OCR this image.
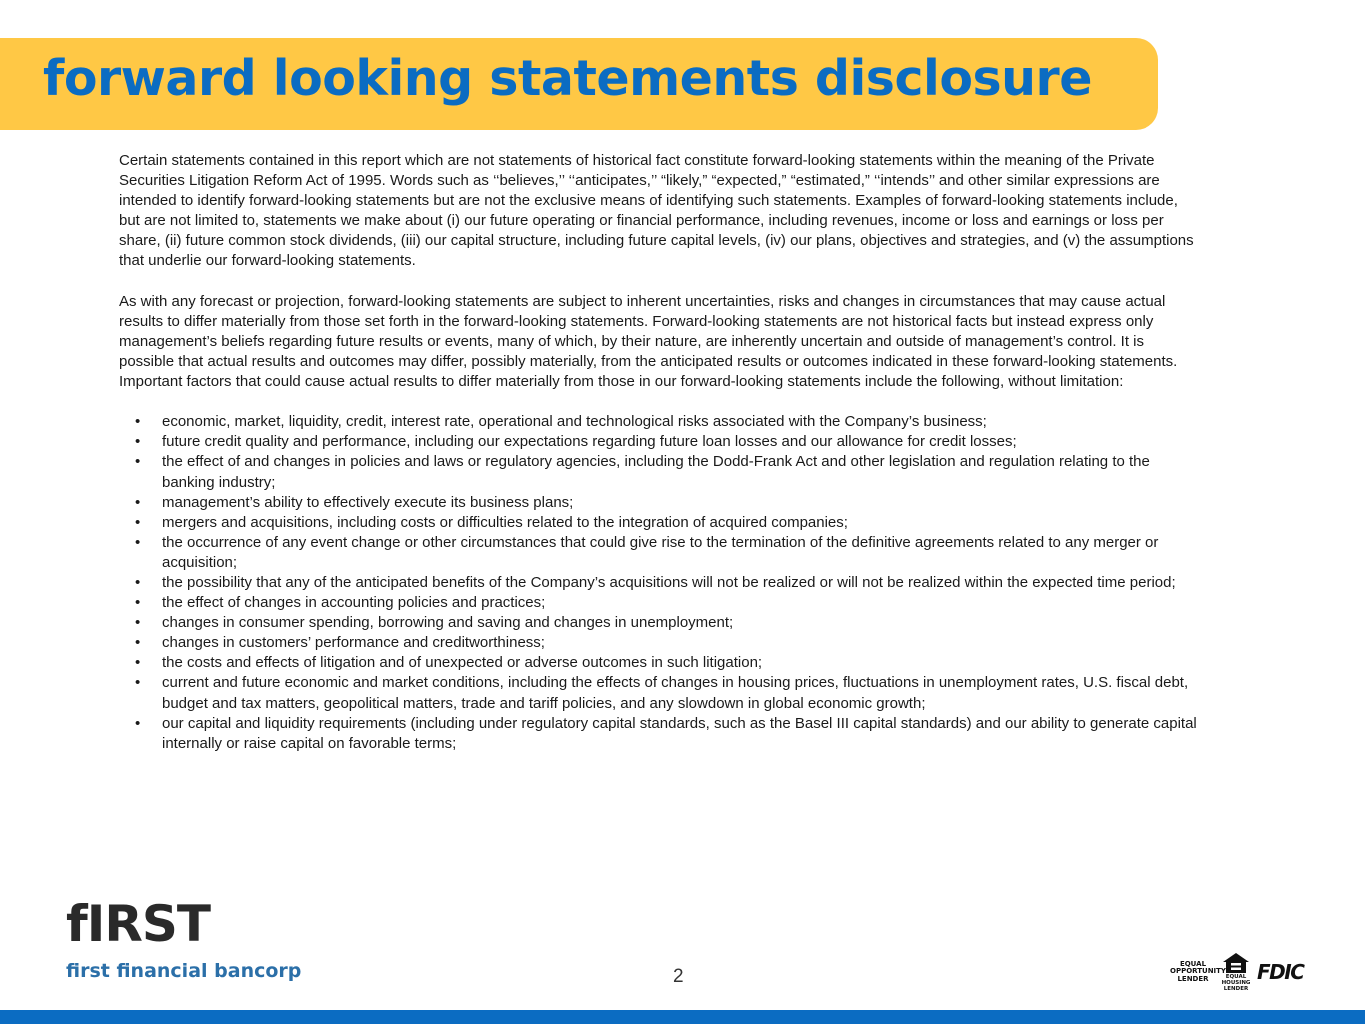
forward looking statements disclosure

Certain statements contained in this report which are not statements of historical fact constitute forward-looking statements within the meaning of the Private Securities Litigation Reform Act of 1995. Words such as ‘‘believes,’’ ‘‘anticipates,’’ “likely,” “expected,” “estimated,” ‘‘intends’’ and other similar expressions are intended to identify forward-looking statements but are not the exclusive means of identifying such statements. Examples of forward-looking statements include, but are not limited to, statements we make about (i) our future operating or financial performance, including revenues, income or loss and earnings or loss per share, (ii) future common stock dividends, (iii) our capital structure, including future capital levels, (iv) our plans, objectives and strategies, and (v) the assumptions that underlie our forward-looking statements.

As with any forecast or projection, forward-looking statements are subject to inherent uncertainties, risks and changes in circumstances that may cause actual results to differ materially from those set forth in the forward-looking statements. Forward-looking statements are not historical facts but instead express only management’s beliefs regarding future results or events, many of which, by their nature, are inherently uncertain and outside of management’s control. It is possible that actual results and outcomes may differ, possibly materially, from the anticipated results or outcomes indicated in these forward-looking statements. Important factors that could cause actual results to differ materially from those in our forward-looking statements include the following, without limitation:

• economic, market, liquidity, credit, interest rate, operational and technological risks associated with the Company’s business;
• future credit quality and performance, including our expectations regarding future loan losses and our allowance for credit losses;
• the effect of and changes in policies and laws or regulatory agencies, including the Dodd-Frank Act and other legislation and regulation relating to the banking industry;
• management’s ability to effectively execute its business plans;
• mergers and acquisitions, including costs or difficulties related to the integration of acquired companies;
• the occurrence of any event change or other circumstances that could give rise to the termination of the definitive agreements related to any merger or acquisition;
• the possibility that any of the anticipated benefits of the Company’s acquisitions will not be realized or will not be realized within the expected time period;
• the effect of changes in accounting policies and practices;
• changes in consumer spending, borrowing and saving and changes in unemployment;
• changes in customers’ performance and creditworthiness;
• the costs and effects of litigation and of unexpected or adverse outcomes in such litigation;
• current and future economic and market conditions, including the effects of changes in housing prices, fluctuations in unemployment rates, U.S. fiscal debt, budget and tax matters, geopolitical matters, trade and tariff policies, and any slowdown in global economic growth;
• our capital and liquidity requirements (including under regulatory capital standards, such as the Basel III capital standards) and our ability to generate capital internally or raise capital on favorable terms;
fIRST
first financial bancorp	2
EQUAL OPPORTUNITY LENDER	EQUAL HOUSING LENDER
FDIC
